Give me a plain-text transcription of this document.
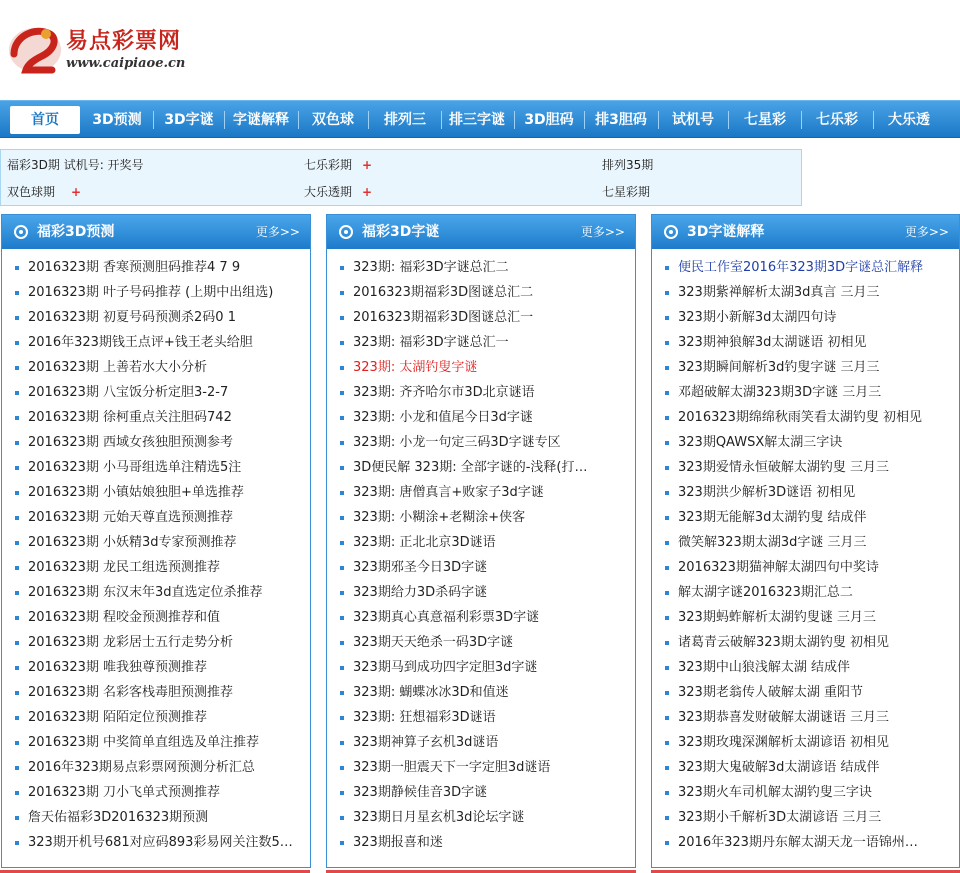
易点彩票网
www.caipiaoe.cn
首页	3D预测	3D字谜	字谜解释	双色球	排列三	排三字谜	3D胆码	排3胆码	试机号	七星彩	七乐彩	大乐透
福彩3D期 试机号: 开奖号	七乐彩期 +	排列35期
双色球期 +	大乐透期 +	七星彩期
福彩3D预测	更多>>
2016323期 香寒预测胆码推荐4 7 9
2016323期 叶子号码推荐 (上期中出组选)
2016323期 初夏号码预测杀2码0 1
2016年323期钱王点评+钱王老头给胆
2016323期 上善若水大小分析
2016323期 八宝饭分析定胆3-2-7
2016323期 徐柯重点关注胆码742
2016323期 西域女孩独胆预测参考
2016323期 小马哥组选单注精选5注
2016323期 小镇姑娘独胆+单选推荐
2016323期 元始天尊直选预测推荐
2016323期 小妖精3d专家预测推荐
2016323期 龙民工组选预测推荐
2016323期 东汉末年3d直选定位杀推荐
2016323期 程咬金预测推荐和值
2016323期 龙彩居士五行走势分析
2016323期 唯我独尊预测推荐
2016323期 名彩客栈毒胆预测推荐
2016323期 陌陌定位预测推荐
2016323期 中奖简单直组选及单注推荐
2016年323期易点彩票网预测分析汇总
2016323期 刀小飞单式预测推荐
詹天佑福彩3D2016323期预测
323期开机号681对应码893彩易网关注数5…
福彩3D字谜	更多>>
323期: 福彩3D字谜总汇二
2016323期福彩3D图谜总汇二
2016323期福彩3D图谜总汇一
323期: 福彩3D字谜总汇一
323期: 太湖钓叟字谜
323期: 齐齐哈尔市3D北京谜语
323期: 小龙和值尾今日3d字谜
323期: 小龙一句定三码3D字谜专区
3D便民解 323期: 全部字谜的-浅释(打…
323期: 唐僧真言+败家子3d字谜
323期: 小糊涂+老糊涂+侠客
323期: 正北北京3D谜语
323期邪圣今日3D字谜
323期给力3D杀码字谜
323期真心真意福利彩票3D字谜
323期天天绝杀一码3D字谜
323期马到成功四字定胆3d字谜
323期: 蝴蝶冰冰3D和值迷
323期: 狂想福彩3D谜语
323期神算子玄机3d谜语
323期一胆震天下一字定胆3d谜语
323期静候佳音3D字谜
323期日月星玄机3d论坛字谜
323期报喜和迷
3D字谜解释	更多>>
便民工作室2016年323期3D字谜总汇解释
323期紫禅解析太湖3d真言 三月三
323期小新解3d太湖四句诗
323期神狼解3d太湖谜语 初相见
323期瞬间解析3d钓叟字谜 三月三
邓超破解太湖323期3D字谜 三月三
2016323期绵绵秋雨笑看太湖钓叟 初相见
323期QAWSX解太湖三字诀
323期爱情永恒破解太湖钓叟 三月三
323期洪少解析3D谜语 初相见
323期无能解3d太湖钓叟 结成伴
微笑解323期太湖3d字谜 三月三
2016323期猫神解太湖四句中奖诗
解太湖字谜2016323期汇总二
323期蚂蚱解析太湖钓叟谜 三月三
诸葛青云破解323期太湖钓叟 初相见
323期中山狼浅解太湖 结成伴
323期老翁传人破解太湖 重阳节
323期恭喜发财破解太湖谜语 三月三
323期玫瑰深渊解析太湖谚语 初相见
323期大鬼破解3d太湖谚语 结成伴
323期火车司机解太湖钓叟三字诀
323期小千解析3D太湖谚语 三月三
2016年323期丹东解太湖天龙一语锦州…
